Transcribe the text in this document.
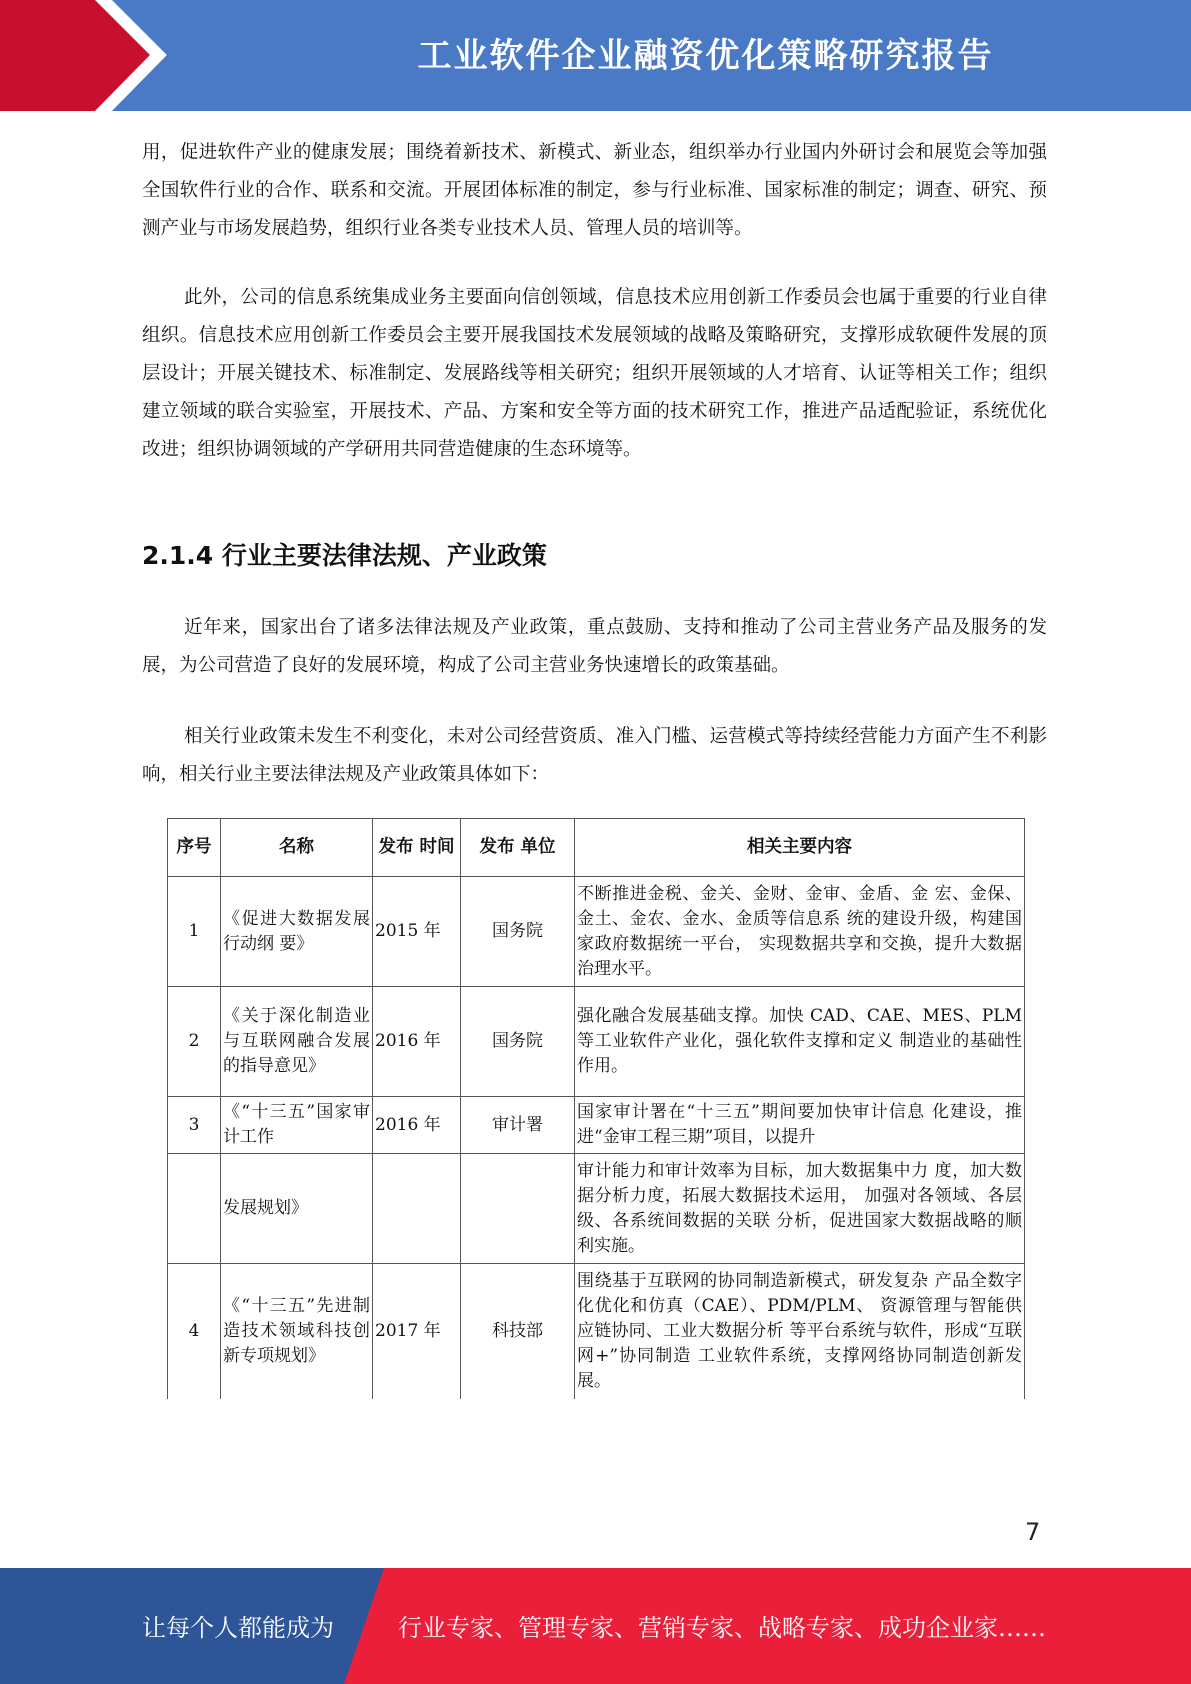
工业软件企业融资优化策略研究报告

用，促进软件产业的健康发展；围绕着新技术、新模式、新业态，组织举办行业国内外研讨会和展览会等加强全国软件行业的合作、联系和交流。开展团体标准的制定，参与行业标准、国家标准的制定；调查、研究、预测产业与市场发展趋势，组织行业各类专业技术人员、管理人员的培训等。

此外，公司的信息系统集成业务主要面向信创领域，信息技术应用创新工作委员会也属于重要的行业自律组织。信息技术应用创新工作委员会主要开展我国技术发展领域的战略及策略研究，支撑形成软硬件发展的顶层设计；开展关键技术、标准制定、发展路线等相关研究；组织开展领域的人才培育、认证等相关工作；组织建立领域的联合实验室，开展技术、产品、方案和安全等方面的技术研究工作，推进产品适配验证，系统优化改进；组织协调领域的产学研用共同营造健康的生态环境等。

2.1.4 行业主要法律法规、产业政策

近年来，国家出台了诸多法律法规及产业政策，重点鼓励、支持和推动了公司主营业务产品及服务的发展，为公司营造了良好的发展环境，构成了公司主营业务快速增长的政策基础。

相关行业政策未发生不利变化，未对公司经营资质、准入门槛、运营模式等持续经营能力方面产生不利影响，相关行业主要法律法规及产业政策具体如下：

序号	名称	发布 时间	发布 单位	相关主要内容
1	《促进大数据发展行动纲 要》	2015 年	国务院	不断推进金税、金关、金财、金审、金盾、金 宏、金保、金土、金农、金水、金质等信息系 统的建设升级，构建国家政府数据统一平台， 实现数据共享和交换，提升大数据治理水平。
2	《关于深化制造业与互联网融合发展的指导意见》	2016 年	国务院	强化融合发展基础支撑。加快 CAD、CAE、MES、PLM 等工业软件产业化，强化软件支撑和定义 制造业的基础性作用。
3	《“十三五”国家审计工作	2016 年	审计署	国家审计署在“十三五”期间要加快审计信息 化建设，推进“金审工程三期”项目，以提升
	发展规划》			审计能力和审计效率为目标，加大数据集中力 度，加大数据分析力度，拓展大数据技术运用， 加强对各领域、各层级、各系统间数据的关联 分析，促进国家大数据战略的顺利实施。
4	《“十三五”先进制造技术领域科技创新专项规划》	2017 年	科技部	围绕基于互联网的协同制造新模式，研发复杂 产品全数字化优化和仿真（CAE）、PDM/PLM、 资源管理与智能供应链协同、工业大数据分析 等平台系统与软件，形成“互联网+”协同制造 工业软件系统，支撑网络协同制造创新发展。
7
让每个人都能成为	行业专家、管理专家、营销专家、战略专家、成功企业家……
